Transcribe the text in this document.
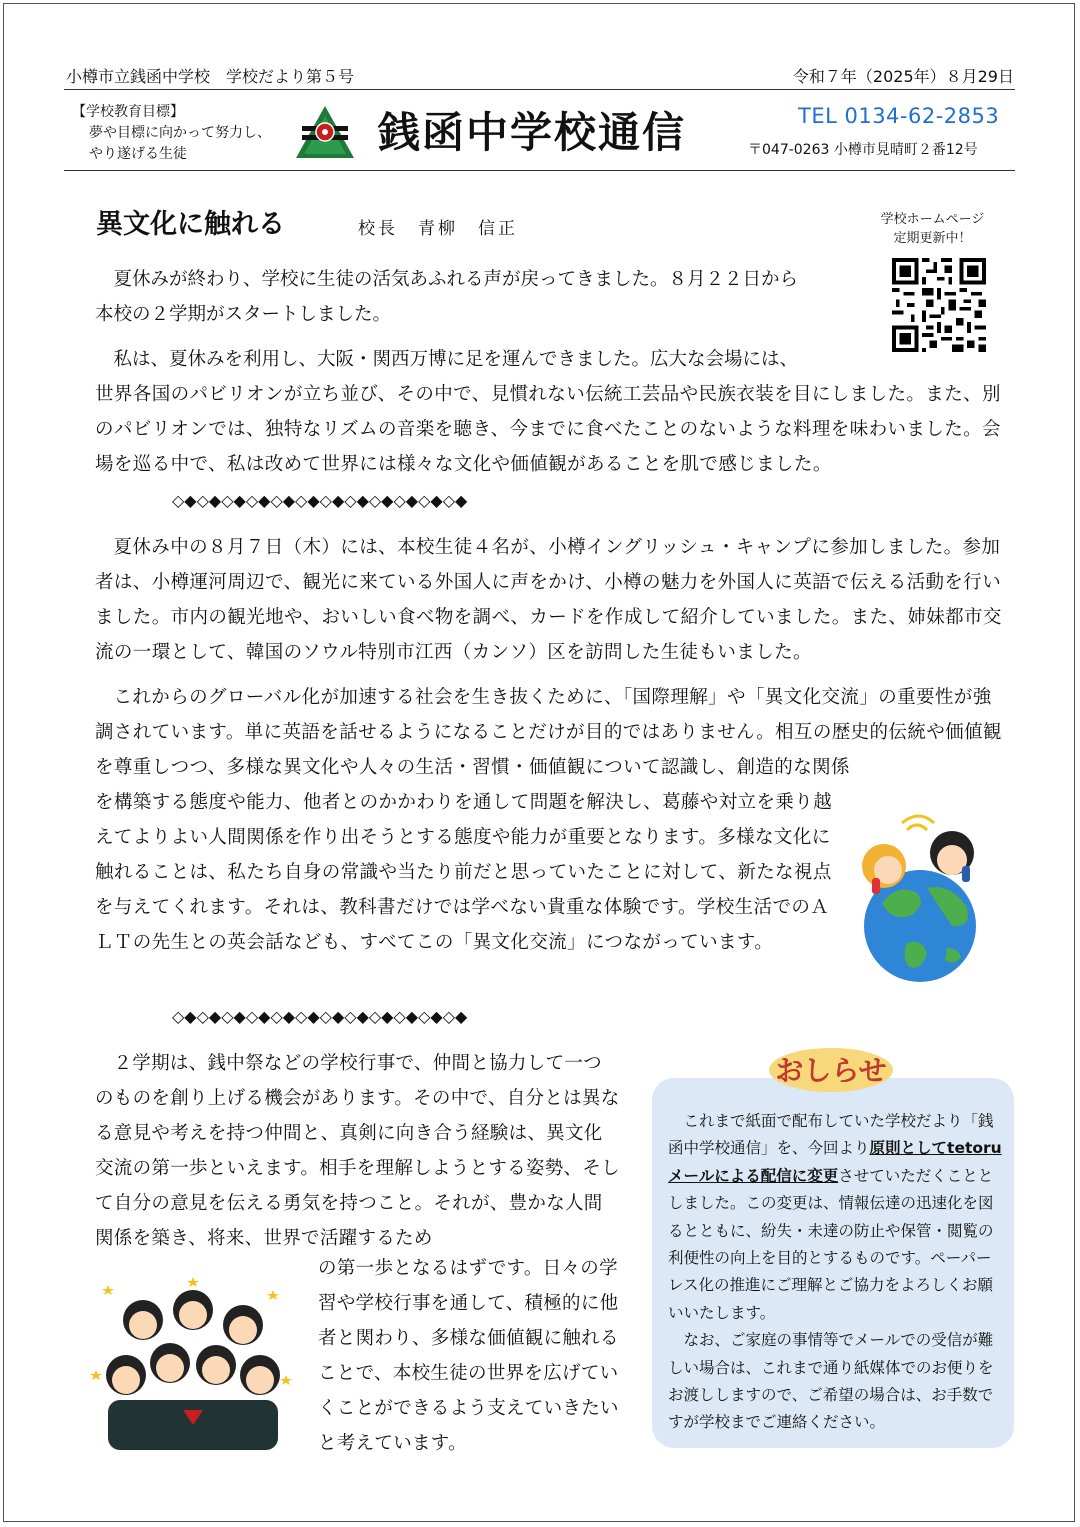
小樽市立銭函中学校　学校だより第５号	令和７年（2025年）８月29日
【学校教育目標】
夢や目標に向かって努力し、
やり遂げる生徒	銭函中学校通信	TEL 0134-62-2853
〒047-0263 小樽市見晴町２番12号
異文化に触れる	校長　青柳　信正	学校ホームページ
定期更新中！

夏休みが終わり、学校に生徒の活気あふれる声が戻ってきました。８月２２日から

本校の２学期がスタートしました。

私は、夏休みを利用し、大阪・関西万博に足を運んできました。広大な会場には、

世界各国のパビリオンが立ち並び、その中で、見慣れない伝統工芸品や民族衣装を目にしました。また、別のパビリオンでは、独特なリズムの音楽を聴き、今までに食べたことのないような料理を味わいました。会場を巡る中で、私は改めて世界には様々な文化や価値観があることを肌で感じました。

◇◆◇◆◇◆◇◆◇◆◇◆◇◆◇◆◇◆◇◆◇◆◇◆

夏休み中の８月７日（木）には、本校生徒４名が、小樽イングリッシュ・キャンプに参加しました。参加者は、小樽運河周辺で、観光に来ている外国人に声をかけ、小樽の魅力を外国人に英語で伝える活動を行いました。市内の観光地や、おいしい食べ物を調べ、カードを作成して紹介していました。また、姉妹都市交流の一環として、韓国のソウル特別市江西（カンソ）区を訪問した生徒もいました。

これからのグローバル化が加速する社会を生き抜くために、「国際理解」や「異文化交流」の重要性が強調されています。単に英語を話せるようになることだけが目的ではありません。相互の歴史的伝統や価値観を尊重しつつ、多様な異文化や人々の生活・習慣・価値観について認識し、創造的な関係

を構築する態度や能力、他者とのかかわりを通して問題を解決し、葛藤や対立を乗り越えてよりよい人間関係を作り出そうとする態度や能力が重要となります。多様な文化に触れることは、私たち自身の常識や当たり前だと思っていたことに対して、新たな視点を与えてくれます。それは、教科書だけでは学べない貴重な体験です。学校生活でのＡＬＴの先生との英会話なども、すべてこの「異文化交流」につながっています。

◇◆◇◆◇◆◇◆◇◆◇◆◇◆◇◆◇◆◇◆◇◆◇◆

２学期は、銭中祭などの学校行事で、仲間と協力して一つのものを創り上げる機会があります。その中で、自分とは異なる意見や考えを持つ仲間と、真剣に向き合う経験は、異文化交流の第一歩といえます。相手を理解しようとする姿勢、そして自分の意見を伝える勇気を持つこと。それが、豊かな人間関係を築き、将来、世界で活躍するため

の第一歩となるはずです。日々の学習や学校行事を通して、積極的に他者と関わり、多様な価値観に触れることで、本校生徒の世界を広げていくことができるよう支えていきたいと考えています。

おしらせ

これまで紙面で配布していた学校だより「銭函中学校通信」を、今回より原則としてtetoruメールによる配信に変更させていただくこととしました。この変更は、情報伝達の迅速化を図るとともに、紛失・未達の防止や保管・閲覧の利便性の向上を目的とするものです。ペーパーレス化の推進にご理解とご協力をよろしくお願いいたします。

なお、ご家庭の事情等でメールでの受信が難しい場合は、これまで通り紙媒体でのお便りをお渡ししますので、ご希望の場合は、お手数ですが学校までご連絡ください。
